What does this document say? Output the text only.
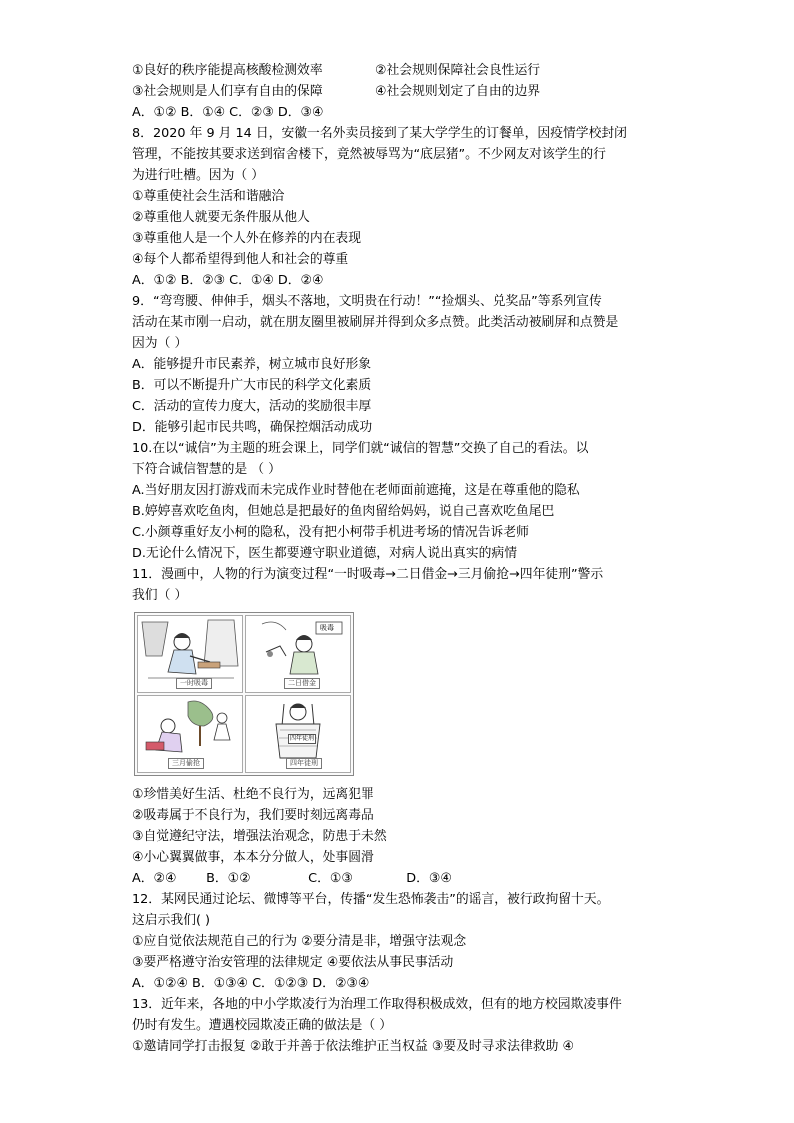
①良好的秩序能提高核酸检测效率	②社会规则保障社会良性运行
③社会规则是人们享有自由的保障	④社会规则划定了自由的边界
A．①② B．①④ C．②③ D．③④
8．2020 年 9 月 14 日，安徽一名外卖员接到了某大学学生的订餐单，因疫情学校封闭
管理，不能按其要求送到宿舍楼下，竟然被辱骂为“底层猪”。不少网友对该学生的行
为进行吐槽。因为（ ）
①尊重使社会生活和谐融洽
②尊重他人就要无条件服从他人
③尊重他人是一个人外在修养的内在表现
④每个人都希望得到他人和社会的尊重
A．①② B．②③ C．①④ D．②④
9．“弯弯腰、伸伸手，烟头不落地，文明贵在行动！”“捡烟头、兑奖品”等系列宣传
活动在某市刚一启动，就在朋友圈里被刷屏并得到众多点赞。此类活动被刷屏和点赞是
因为（ ）
A．能够提升市民素养，树立城市良好形象
B．可以不断提升广大市民的科学文化素质
C．活动的宣传力度大，活动的奖励很丰厚
D．能够引起市民共鸣，确保控烟活动成功
10.在以“诚信”为主题的班会课上，同学们就“诚信的智慧”交换了自己的看法。以
下符合诚信智慧的是 （ ）
A.当好朋友因打游戏而未完成作业时替他在老师面前遮掩，这是在尊重他的隐私
B.婷婷喜欢吃鱼肉，但她总是把最好的鱼肉留给妈妈，说自己喜欢吃鱼尾巴
C.小颜尊重好友小柯的隐私，没有把小柯带手机进考场的情况告诉老师
D.无论什么情况下，医生都要遵守职业道德，对病人说出真实的病情
11．漫画中，人物的行为演变过程“一时吸毒→二日借金→三月偷抢→四年徒刑”警示
我们（ ）
一时吸毒
吸毒
二日借金
三月偷抢
四年徒刑
四年徒刑
①珍惜美好生活、杜绝不良行为，远离犯罪
②吸毒属于不良行为，我们要时刻远离毒品
③自觉遵纪守法，增强法治观念，防患于未然
④小心翼翼做事，本本分分做人，处事圆滑
A．②④ B．①②	C．①③	D．③④
12．某网民通过论坛、微博等平台，传播“发生恐怖袭击”的谣言，被行政拘留十天。
这启示我们( )
①应自觉依法规范自己的行为 ②要分清是非，增强守法观念
③要严格遵守治安管理的法律规定 ④要依法从事民事活动
A．①②④ B．①③④ C．①②③ D．②③④
13．近年来，各地的中小学欺凌行为治理工作取得积极成效，但有的地方校园欺凌事件
仍时有发生。遭遇校园欺凌正确的做法是（ ）
①邀请同学打击报复 ②敢于并善于依法维护正当权益 ③要及时寻求法律救助 ④
